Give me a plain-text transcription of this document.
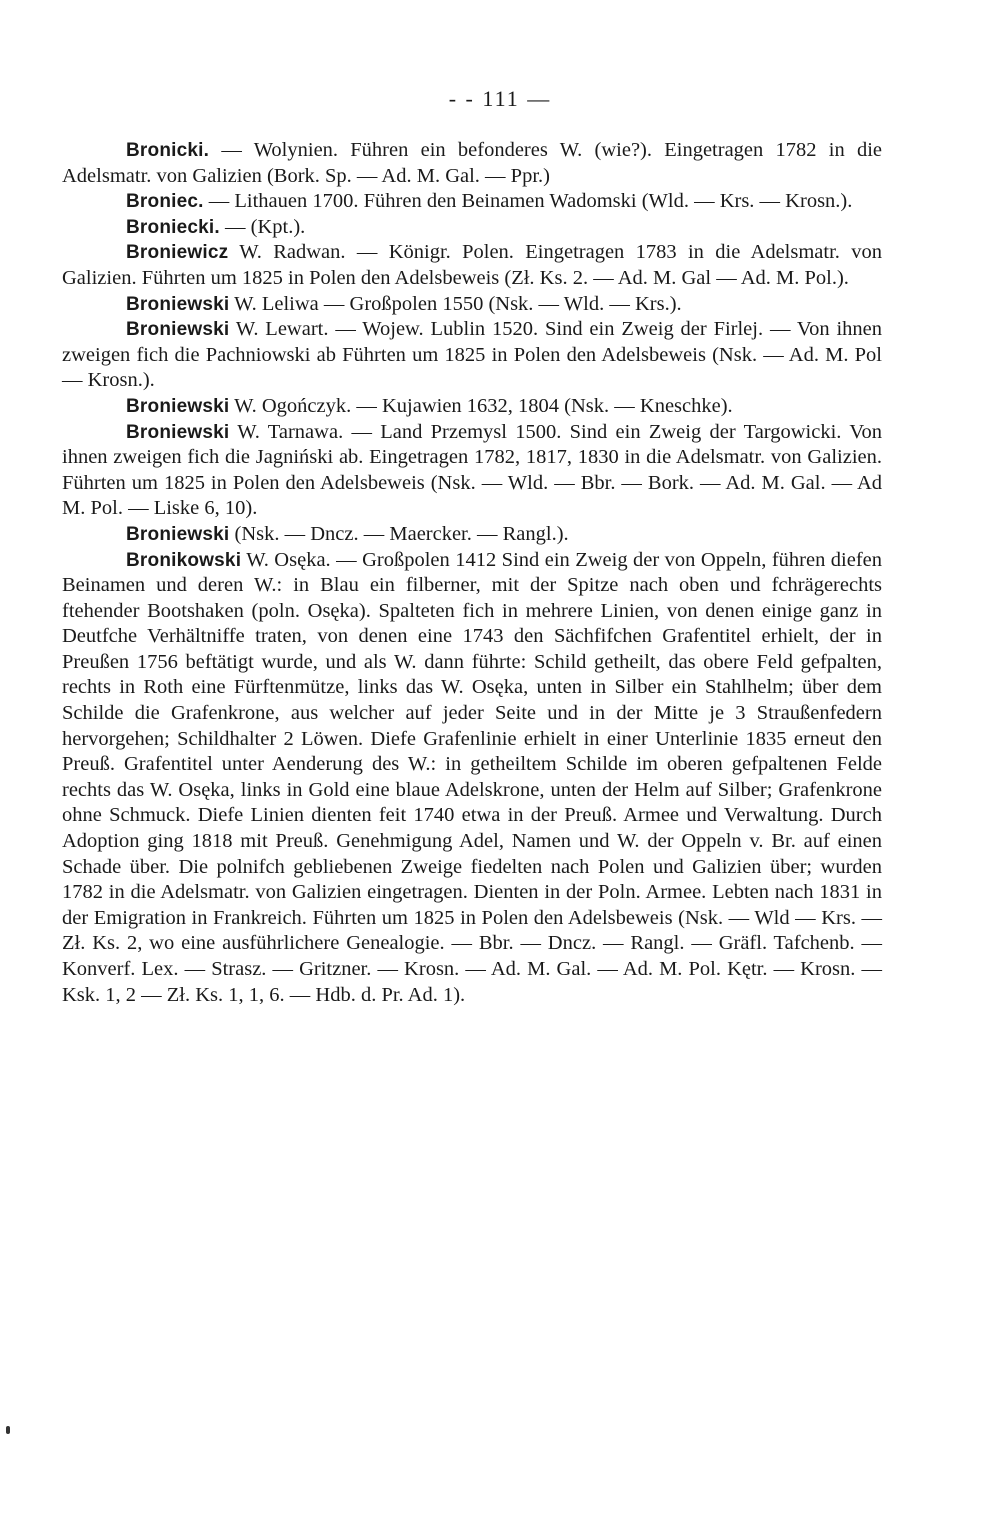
- - 111 —

Bronicki. — Wolynien. Führen ein befonderes W. (wie?). Eingetragen 1782 in die Adelsmatr. von Galizien (Bork. Sp. — Ad. M. Gal. — Ppr.)

Broniec. — Lithauen 1700. Führen den Beinamen Wadomski (Wld. — Krs. — Krosn.).

Broniecki. — (Kpt.).

Broniewicz W. Radwan. — Königr. Polen. Eingetragen 1783 in die Adelsmatr. von Galizien. Führten um 1825 in Polen den Adelsbeweis (Zł. Ks. 2. — Ad. M. Gal — Ad. M. Pol.).

Broniewski W. Leliwa — Großpolen 1550 (Nsk. — Wld. — Krs.).

Broniewski W. Lewart. — Wojew. Lublin 1520. Sind ein Zweig der Firlej. — Von ihnen zweigen fich die Pachniowski ab Führten um 1825 in Polen den Adelsbeweis (Nsk. — Ad. M. Pol — Krosn.).

Broniewski W. Ogończyk. — Kujawien 1632, 1804 (Nsk. — Kneschke).

Broniewski W. Tarnawa. — Land Przemysl 1500. Sind ein Zweig der Targowicki. Von ihnen zweigen fich die Jagniński ab. Eingetragen 1782, 1817, 1830 in die Adelsmatr. von Galizien. Führten um 1825 in Polen den Adelsbeweis (Nsk. — Wld. — Bbr. — Bork. — Ad. M. Gal. — Ad M. Pol. — Liske 6, 10).

Broniewski (Nsk. — Dncz. — Maercker. — Rangl.).

Bronikowski W. Osęka. — Großpolen 1412 Sind ein Zweig der von Oppeln, führen diefen Beinamen und deren W.: in Blau ein filberner, mit der Spitze nach oben und fchrägerechts ftehender Bootshaken (poln. Osęka). Spalteten fich in mehrere Linien, von denen einige ganz in Deutfche Verhältniffe traten, von denen eine 1743 den Sächfifchen Grafentitel erhielt, der in Preußen 1756 beftätigt wurde, und als W. dann führte: Schild getheilt, das obere Feld gefpalten, rechts in Roth eine Fürftenmütze, links das W. Osęka, unten in Silber ein Stahlhelm; über dem Schilde die Grafenkrone, aus welcher auf jeder Seite und in der Mitte je 3 Straußenfedern hervorgehen; Schildhalter 2 Löwen. Diefe Grafenlinie erhielt in einer Unterlinie 1835 erneut den Preuß. Grafentitel unter Aenderung des W.: in getheiltem Schilde im oberen gefpaltenen Felde rechts das W. Osęka, links in Gold eine blaue Adelskrone, unten der Helm auf Silber; Grafenkrone ohne Schmuck. Diefe Linien dienten feit 1740 etwa in der Preuß. Armee und Verwaltung. Durch Adoption ging 1818 mit Preuß. Genehmigung Adel, Namen und W. der Oppeln v. Br. auf einen Schade über. Die polnifch gebliebenen Zweige fiedelten nach Polen und Galizien über; wurden 1782 in die Adelsmatr. von Galizien eingetragen. Dienten in der Poln. Armee. Lebten nach 1831 in der Emigration in Frankreich. Führten um 1825 in Polen den Adelsbeweis (Nsk. — Wld — Krs. — Zł. Ks. 2, wo eine ausführlichere Genealogie. — Bbr. — Dncz. — Rangl. — Gräfl. Tafchenb. — Konverf. Lex. — Strasz. — Gritzner. — Krosn. — Ad. M. Gal. — Ad. M. Pol. Kętr. — Krosn. — Ksk. 1, 2 — Zł. Ks. 1, 1, 6. — Hdb. d. Pr. Ad. 1).
